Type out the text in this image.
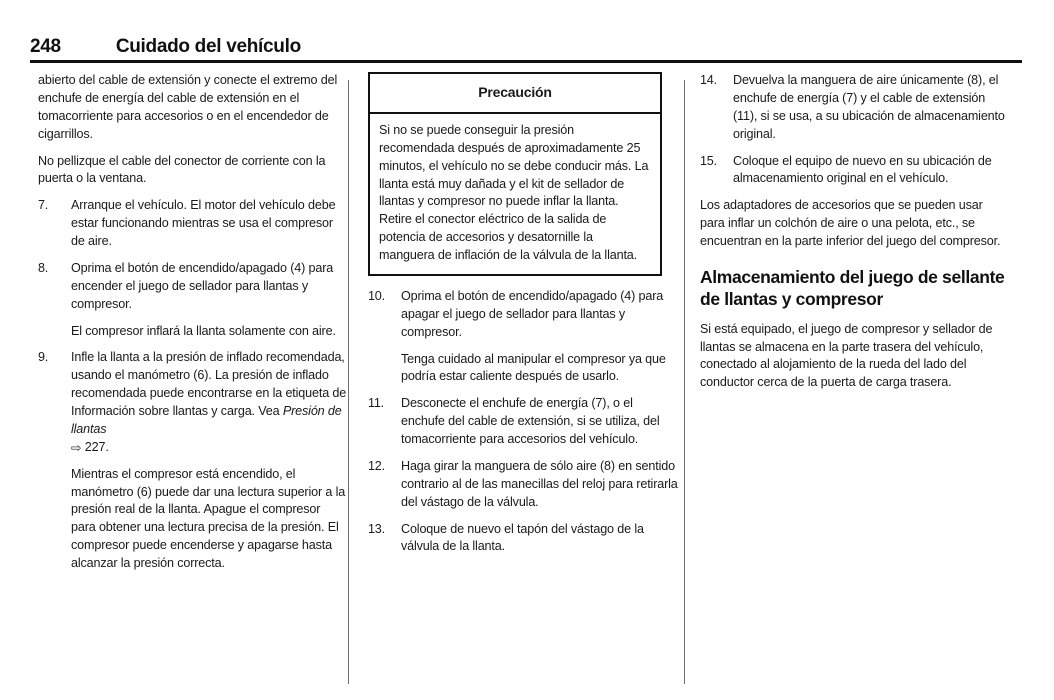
248	Cuidado del vehículo

abierto del cable de extensión y conecte el extremo del enchufe de energía del cable de extensión en el tomacorriente para accesorios o en el encendedor de cigarrillos.

No pellizque el cable del conector de corriente con la puerta o la ventana.

7.	Arranque el vehículo. El motor del vehículo debe estar funcionando mientras se usa el compresor de aire.

8.	Oprima el botón de encendido/apagado (4) para encender el juego de sellador para llantas y compresor.

El compresor inflará la llanta solamente con aire.

9.	Infle la llanta a la presión de inflado recomendada, usando el manómetro (6). La presión de inflado recomendada puede encontrarse en la etiqueta de Información sobre llantas y carga. Vea Presión de llantas
⇨ 227.

Mientras el compresor está encendido, el manómetro (6) puede dar una lectura superior a la presión real de la llanta. Apague el compresor para obtener una lectura precisa de la presión. El compresor puede encenderse y apagarse hasta alcanzar la presión correcta.

Precaución

Si no se puede conseguir la presión recomendada después de aproximadamente 25 minutos, el vehículo no se debe conducir más. La llanta está muy dañada y el kit de sellador de llantas y compresor no puede inflar la llanta. Retire el conector eléctrico de la salida de potencia de accesorios y desatornille la manguera de inflación de la válvula de la llanta.

10.	Oprima el botón de encendido/apagado (4) para apagar el juego de sellador para llantas y compresor.

Tenga cuidado al manipular el compresor ya que podría estar caliente después de usarlo.

11.	Desconecte el enchufe de energía (7), o el enchufe del cable de extensión, si se utiliza, del tomacorriente para accesorios del vehículo.

12.	Haga girar la manguera de sólo aire (8) en sentido contrario al de las manecillas del reloj para retirarla del vástago de la válvula.

13.	Coloque de nuevo el tapón del vástago de la válvula de la llanta.

14.	Devuelva la manguera de aire únicamente (8), el enchufe de energía (7) y el cable de extensión (11), si se usa, a su ubicación de almacenamiento original.

15.	Coloque el equipo de nuevo en su ubicación de almacenamiento original en el vehículo.

Los adaptadores de accesorios que se pueden usar para inflar un colchón de aire o una pelota, etc., se encuentran en la parte inferior del juego del compresor.

Almacenamiento del juego de sellante de llantas y compresor

Si está equipado, el juego de compresor y sellador de llantas se almacena en la parte trasera del vehículo, conectado al alojamiento de la rueda del lado del conductor cerca de la puerta de carga trasera.
